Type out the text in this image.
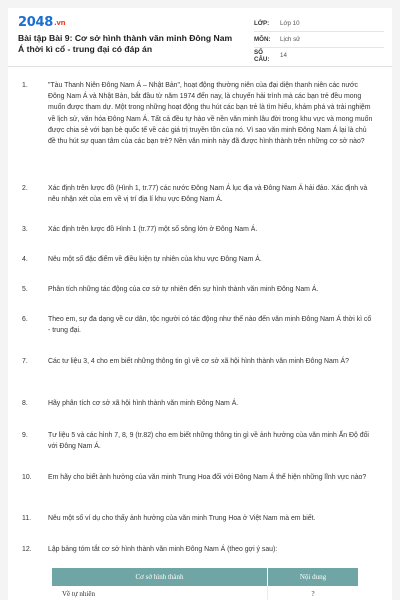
2048.vn
Bài tập Bài 9: Cơ sở hình thành văn minh Đông Nam Á thời kì cổ - trung đại có đáp án
LỚP:	Lớp 10
MÔN:	Lịch sử
SỐ CÂU:	14
1.	"Tàu Thanh Niên Đông Nam Á – Nhật Bản", hoạt động thường niên của đại diện thanh niên các nước Đông Nam Á và Nhật Bản, bắt đầu từ năm 1974 đến nay, là chuyến hải trình mà các bạn trẻ đều mong muốn được tham dự. Một trong những hoạt động thu hút các bạn trẻ là tìm hiểu, khám phá và trải nghiệm về lịch sử, văn hóa Đông Nam Á. Tất cả đều tự hào về nền văn minh lâu đời trong khu vực và mong muốn được chia sẻ với bạn bè quốc tế về các giá trị truyền tồn của nó. Vì sao văn minh Đông Nam Á lại là chủ đề thu hút sự quan tâm của các bạn trẻ? Nền văn minh này đã được hình thành trên những cơ sở nào?
2.	Xác định trên lược đồ (Hình 1, tr.77) các nước Đông Nam Á lục địa và Đông Nam Á hải đảo. Xác định và nêu nhận xét của em về vị trí địa lí khu vực Đông Nam Á.
3.	Xác định trên lược đồ Hình 1 (tr.77) một số sông lớn ở Đông Nam Á.
4.	Nêu một số đặc điểm về điều kiện tự nhiên của khu vực Đông Nam Á.
5.	Phân tích những tác động của cơ sở tự nhiên đến sự hình thành văn minh Đông Nam Á.
6.	Theo em, sự đa dạng về cư dân, tộc người có tác động như thế nào đến văn minh Đông Nam Á thời kì cổ - trung đại.
7.	Các tư liệu 3, 4 cho em biết những thông tin gì về cơ sở xã hội hình thành văn minh Đông Nam Á?
8.	Hãy phân tích cơ sở xã hội hình thành văn minh Đông Nam Á.
9.	Tư liệu 5 và các hình 7, 8, 9 (tr.82) cho em biết những thông tin gì về ảnh hưởng của văn minh Ấn Độ đối với Đông Nam Á.
10. Em hãy cho biết ảnh hưởng của văn minh Trung Hoa đối với Đông Nam Á thể hiện những lĩnh vực nào?
11. Nêu một số ví dụ cho thấy ảnh hưởng của văn minh Trung Hoa ở Việt Nam mà em biết.
12. Lập bảng tóm tắt cơ sở hình thành văn minh Đông Nam Á (theo gợi ý sau):
Cơ sở hình thành	Nội dung
Về tự nhiên	?
